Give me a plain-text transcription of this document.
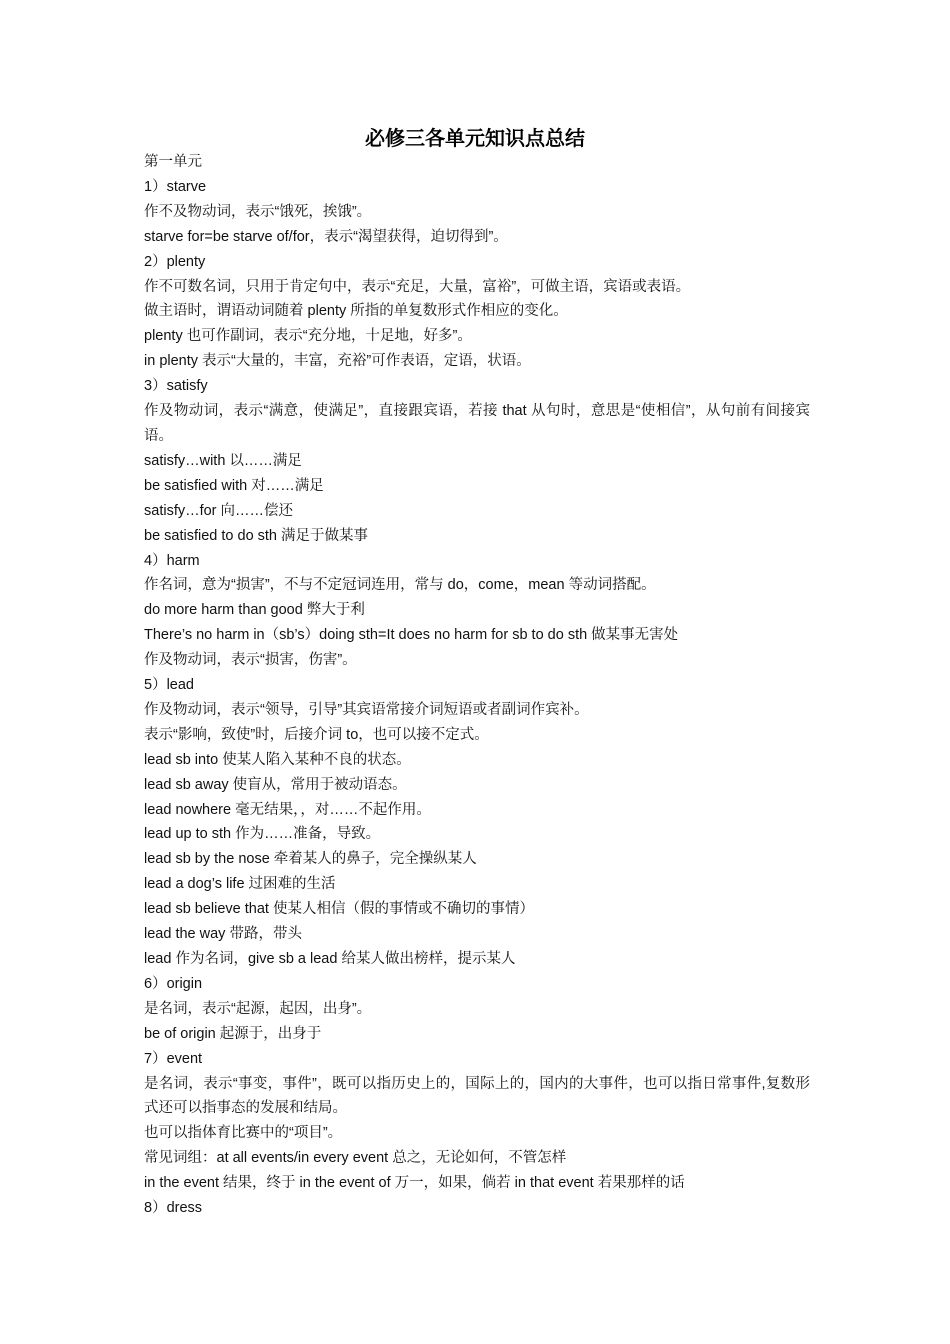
必修三各单元知识点总结
第一单元
1）starve
作不及物动词，表示“饿死，挨饿”。
starve for=be starve of/for，表示“渴望获得，迫切得到”。
2）plenty
作不可数名词，只用于肯定句中，表示“充足，大量，富裕”，可做主语，宾语或表语。
做主语时，谓语动词随着 plenty 所指的单复数形式作相应的变化。
plenty 也可作副词，表示“充分地，十足地，好多”。
in plenty 表示“大量的，丰富，充裕”可作表语，定语，状语。
3）satisfy
作及物动词，表示“满意，使满足”，直接跟宾语，若接 that 从句时，意思是“使相信”，从句前有间接宾语。
satisfy…with 以……满足
be satisfied with 对……满足
satisfy…for 向……偿还
be satisfied to do sth 满足于做某事
4）harm
作名词，意为“损害”，不与不定冠词连用，常与 do，come，mean 等动词搭配。
do more harm than good 弊大于利
There’s no harm in（sb’s）doing sth=It does no harm for sb to do sth 做某事无害处
作及物动词，表示“损害，伤害”。
5）lead
作及物动词，表示“领导，引导”其宾语常接介词短语或者副词作宾补。
表示“影响，致使”时，后接介词 to，也可以接不定式。
lead sb into 使某人陷入某种不良的状态。
lead sb away 使盲从，常用于被动语态。
lead nowhere 毫无结果，，对……不起作用。
lead up to sth 作为……准备，导致。
lead sb by the nose 牵着某人的鼻子，完全操纵某人
lead a dog’s life 过困难的生活
lead sb believe that 使某人相信（假的事情或不确切的事情）
lead the way 带路，带头
lead 作为名词，give sb a lead 给某人做出榜样，提示某人
6）origin
是名词，表示“起源，起因，出身”。
be of origin 起源于，出身于
7）event
是名词，表示“事变，事件”，既可以指历史上的，国际上的，国内的大事件，也可以指日常事件,复数形式还可以指事态的发展和结局。
也可以指体育比赛中的“项目”。
常见词组：at all events/in every event 总之，无论如何，不管怎样
in the event 结果，终于 in the event of 万一，如果，倘若 in that event 若果那样的话
8）dress
